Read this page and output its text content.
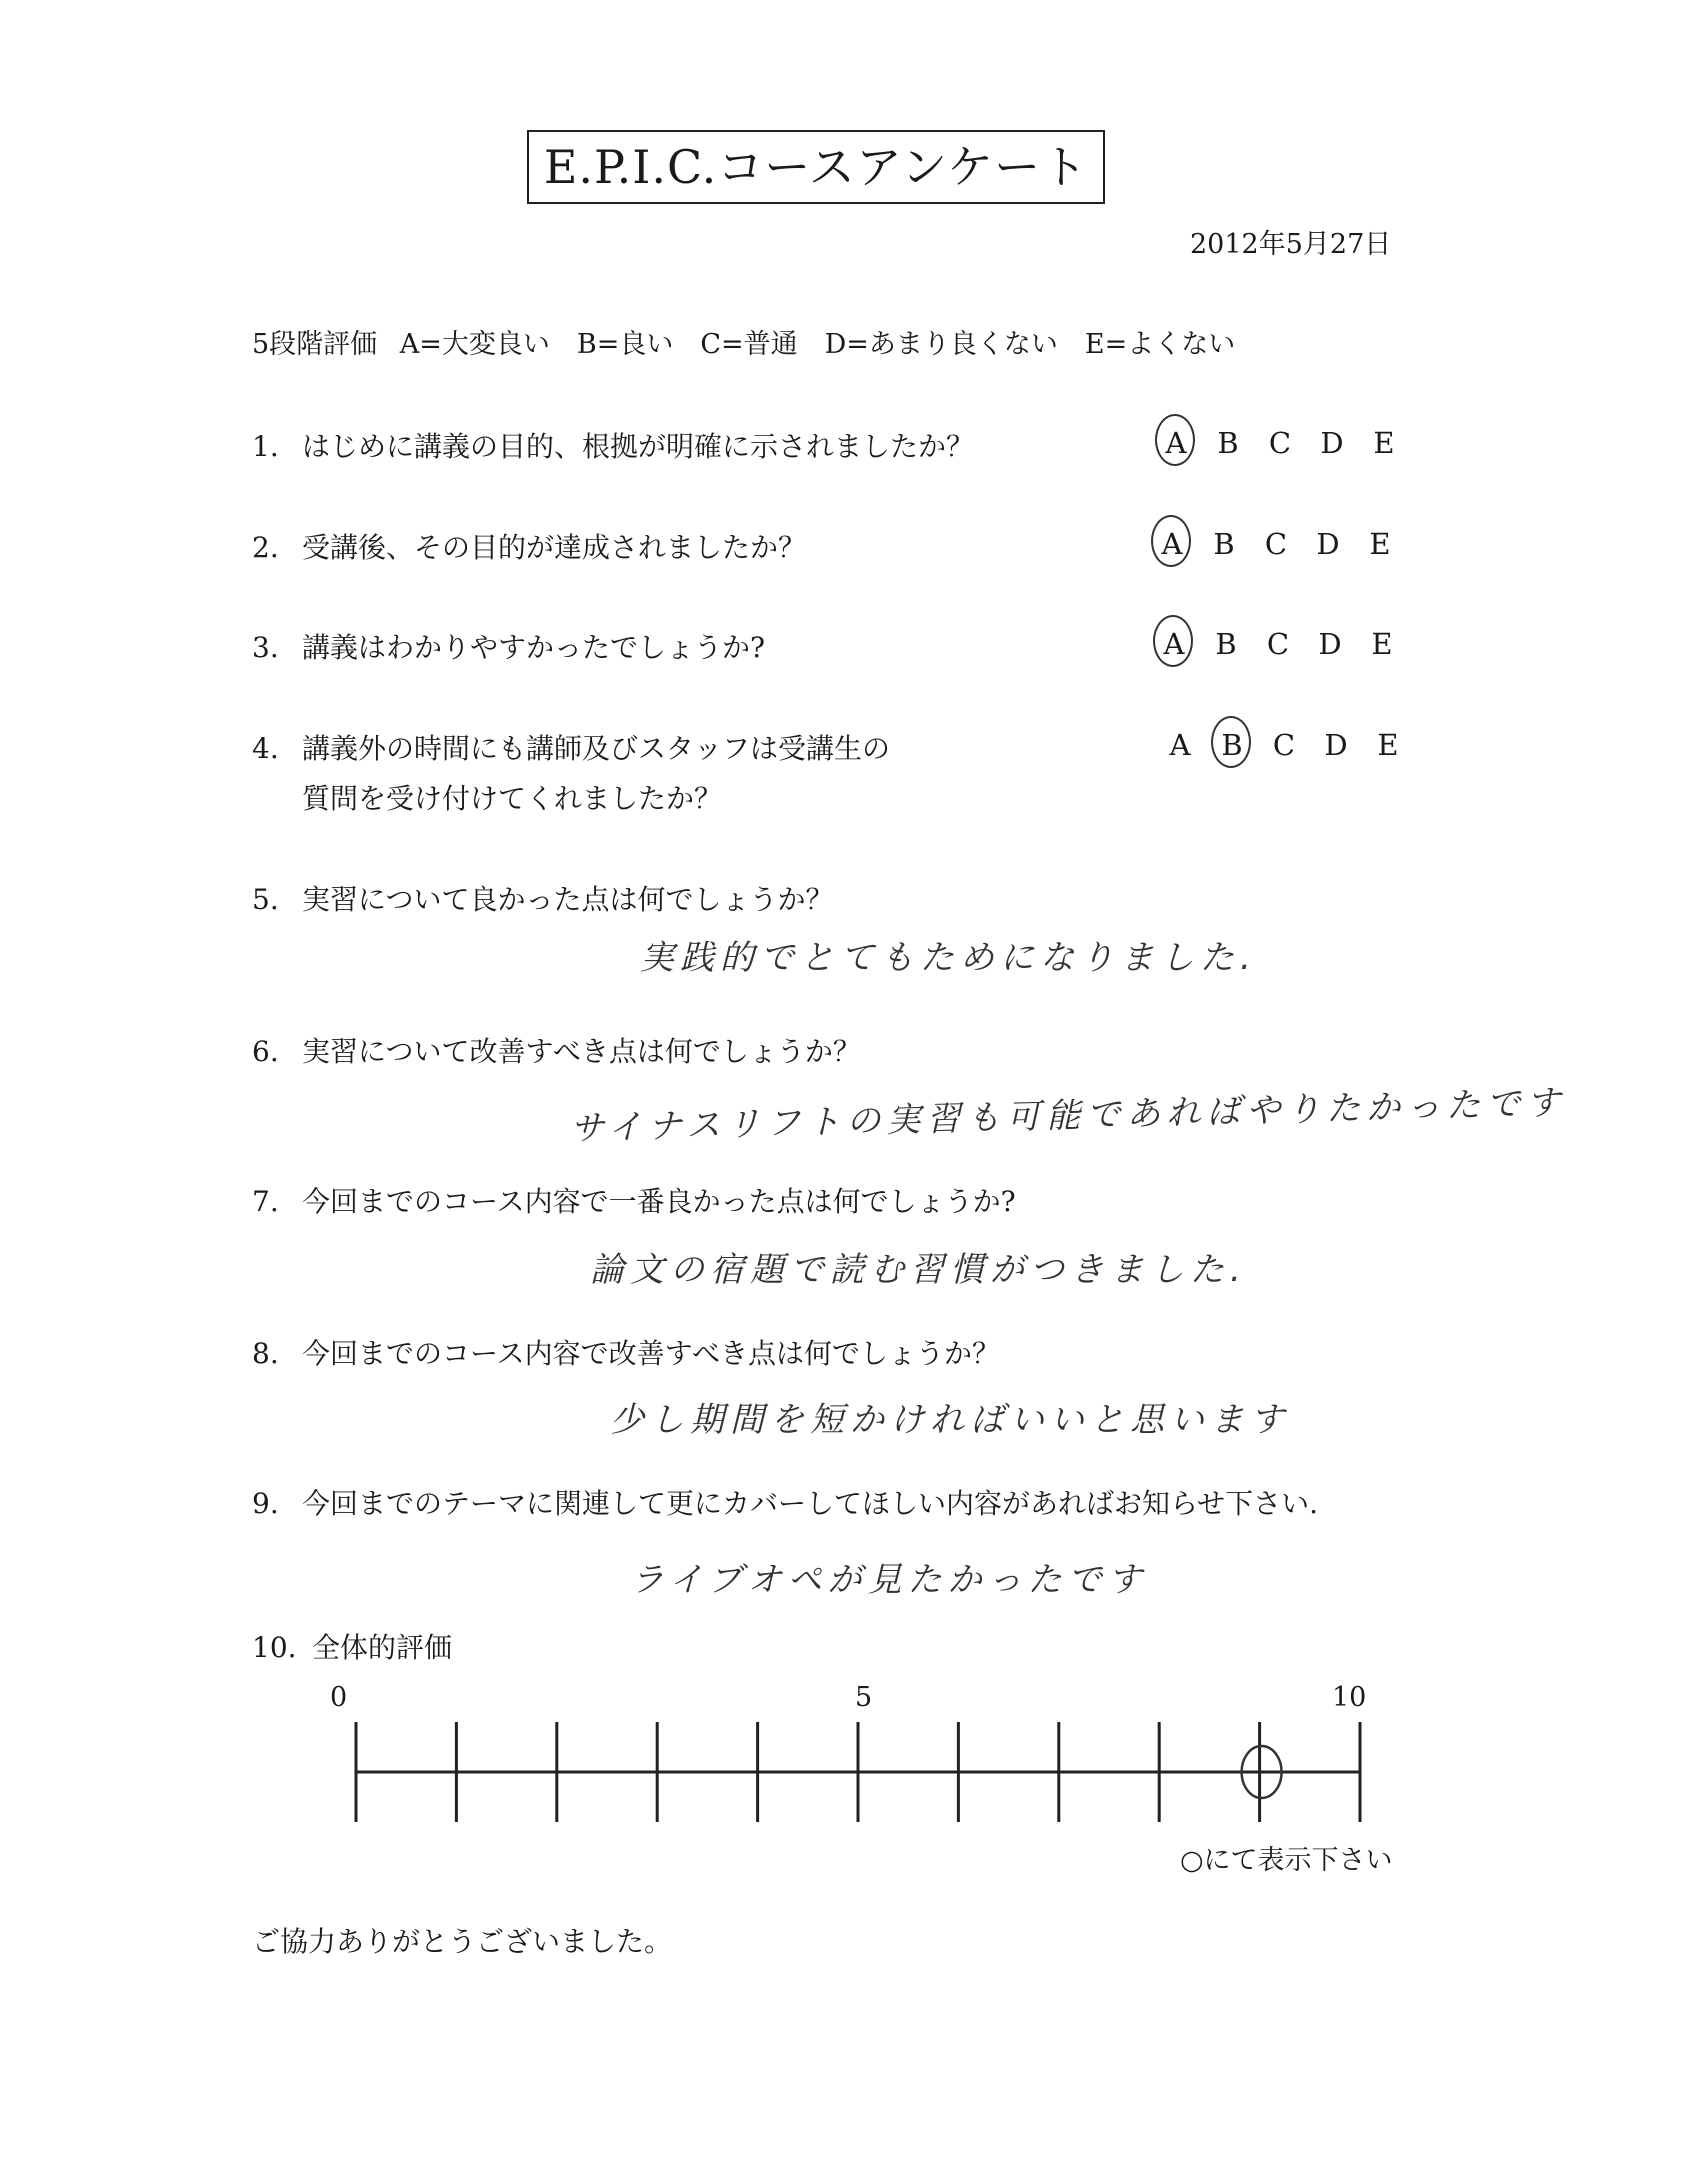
E.P.I.C.コースアンケート
2012年5月27日
5段階評価 A=大変良い　B=良い　C=普通　D=あまり良くない　E=よくない
1. はじめに講義の目的、根拠が明確に示されましたか？	A B C D E
2. 受講後、その目的が達成されましたか？	A B C D E
3. 講義はわかりやすかったでしょうか?	A B C D E
4. 講義外の時間にも講師及びスタッフは受講生の
質問を受け付けてくれましたか？
A B C D E
5. 実習について良かった点は何でしょうか？
実践的でとてもためになりました.
6. 実習について改善すべき点は何でしょうか？
サイナスリフトの実習も可能であればやりたかったです
7. 今回までのコース内容で一番良かった点は何でしょうか?
論文の宿題で読む習慣がつきました.
8. 今回までのコース内容で改善すべき点は何でしょうか？
少し期間を短かければいいと思います
9. 今回までのテーマに関連して更にカバーしてほしい内容があればお知らせ下さい.
ライブオペが見たかったです
10. 全体的評価
0	5	10
○にて表示下さい
ご協力ありがとうございました。
